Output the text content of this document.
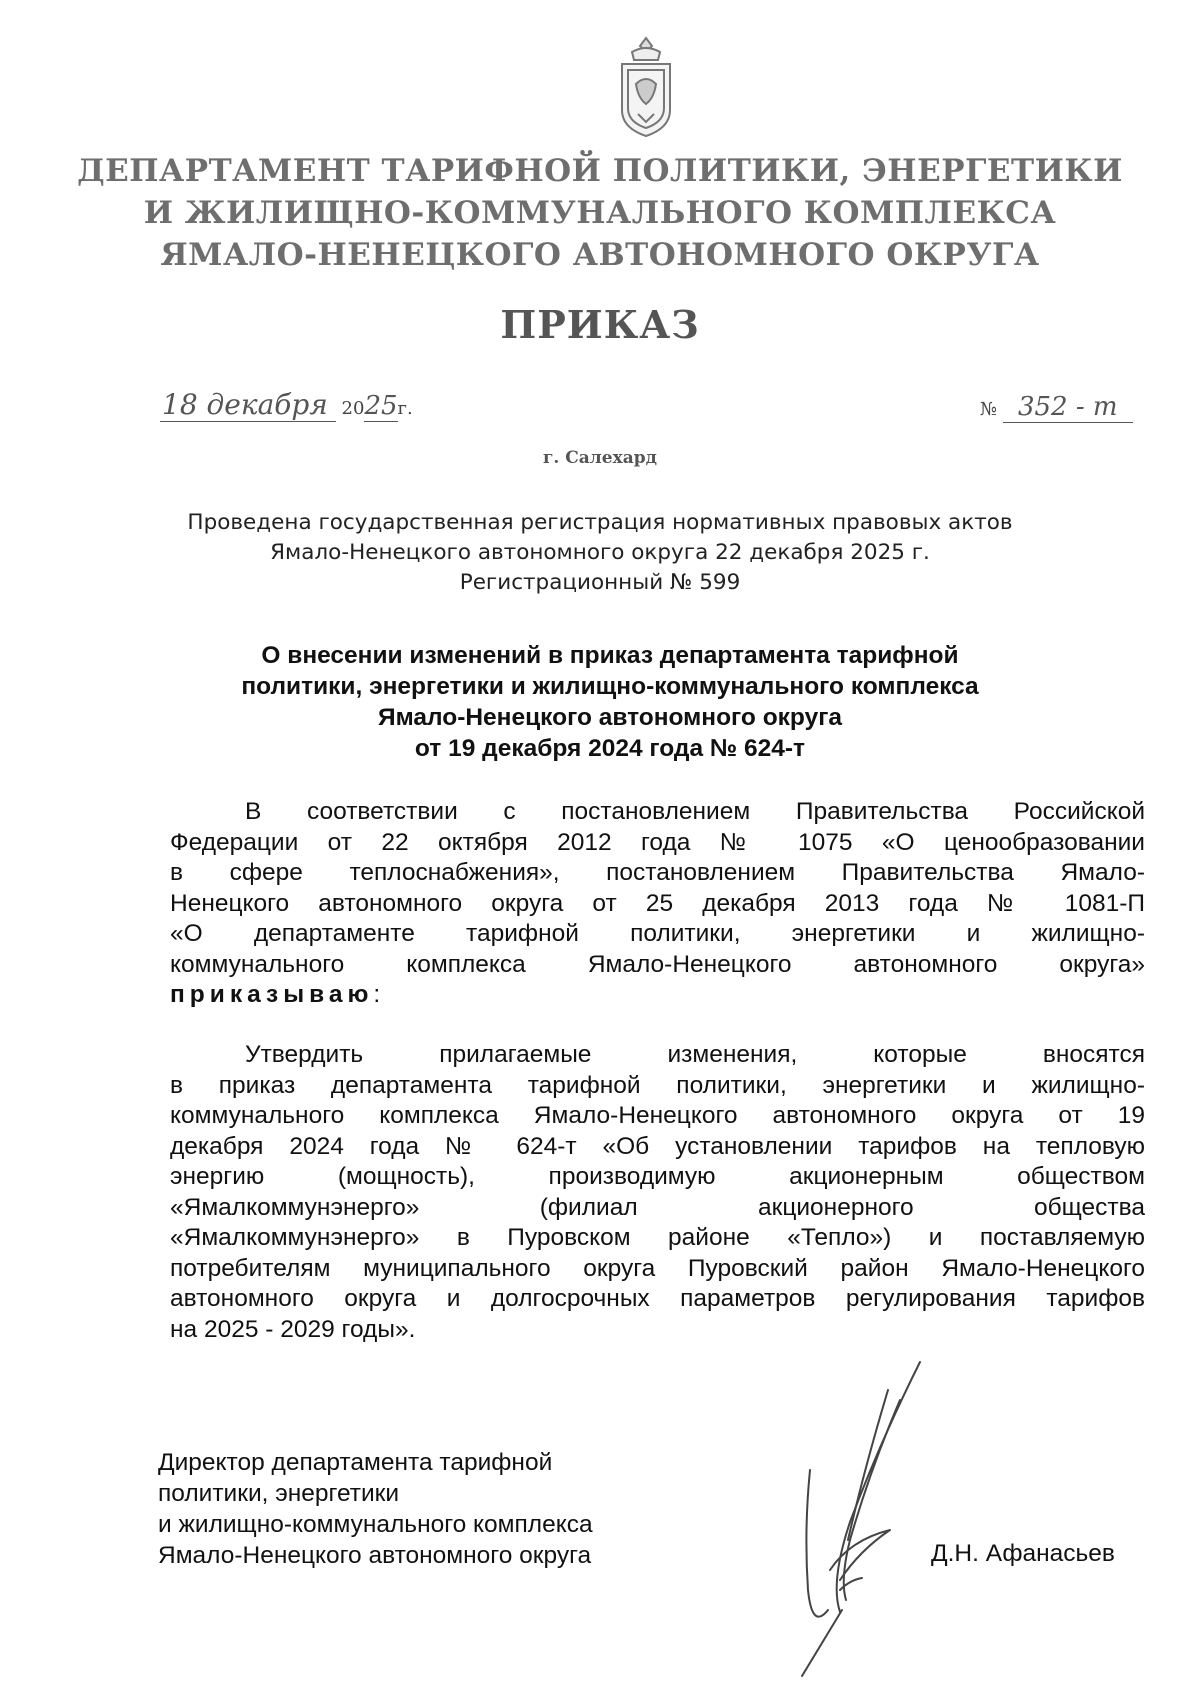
ДЕПАРТАМЕНТ ТАРИФНОЙ ПОЛИТИКИ, ЭНЕРГЕТИКИ
И ЖИЛИЩНО-КОММУНАЛЬНОГО КОМПЛЕКСА
ЯМАЛО-НЕНЕЦКОГО АВТОНОМНОГО ОКРУГА
ПРИКАЗ
18 декабря 2025г.	№ 352 - т
г. Салехард
Проведена государственная регистрация нормативных правовых актов
Ямало-Ненецкого автономного округа 22 декабря 2025 г.
Регистрационный № 599
О внесении изменений в приказ департамента тарифной
политики, энергетики и жилищно-коммунального комплекса
Ямало-Ненецкого автономного округа
от 19 декабря 2024 года № 624-т
В соответствии с постановлением Правительства Российской
Федерации от 22 октября 2012 года № 1075 «О ценообразовании
в сфере теплоснабжения», постановлением Правительства Ямало-
Ненецкого автономного округа от 25 декабря 2013 года № 1081-П
«О департаменте тарифной политики, энергетики и жилищно-
коммунального комплекса Ямало-Ненецкого автономного округа»
приказываю:
Утвердить прилагаемые изменения, которые вносятся
в приказ департамента тарифной политики, энергетики и жилищно-
коммунального комплекса Ямало-Ненецкого автономного округа от 19
декабря 2024 года № 624-т «Об установлении тарифов на тепловую
энергию (мощность), производимую акционерным обществом
«Ямалкоммунэнерго» (филиал акционерного общества
«Ямалкоммунэнерго» в Пуровском районе «Тепло») и поставляемую
потребителям муниципального округа Пуровский район Ямало-Ненецкого
автономного округа и долгосрочных параметров регулирования тарифов
на 2025 - 2029 годы».
Директор департамента тарифной
политики, энергетики
и жилищно-коммунального комплекса
Ямало-Ненецкого автономного округа	Д.Н. Афанасьев
